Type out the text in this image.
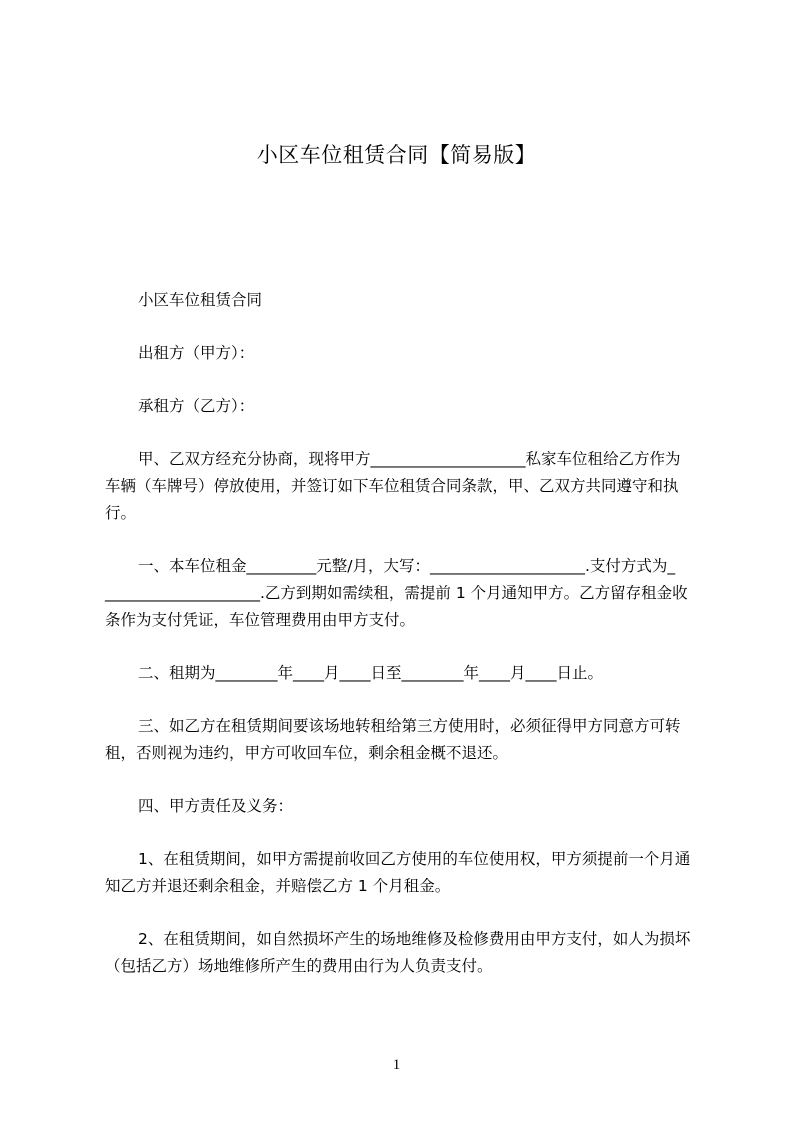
小区车位租赁合同【简易版】
小区车位租赁合同
出租方（甲方）：
承租方（乙方）：
甲、乙双方经充分协商，现将甲方____________________私家车位租给乙方作为
车辆（车牌号）停放使用，并签订如下车位租赁合同条款，甲、乙双方共同遵守和执
行。
一、本车位租金_________元整/月，大写：____________________.支付方式为_
____________________.乙方到期如需续租，需提前 1 个月通知甲方。乙方留存租金收
条作为支付凭证，车位管理费用由甲方支付。
二、租期为________年____月____日至________年____月____日止。
三、如乙方在租赁期间要该场地转租给第三方使用时，必须征得甲方同意方可转
租，否则视为违约，甲方可收回车位，剩余租金概不退还。
四、甲方责任及义务：
1、在租赁期间，如甲方需提前收回乙方使用的车位使用权，甲方须提前一个月通
知乙方并退还剩余租金，并赔偿乙方 1 个月租金。
2、在租赁期间，如自然损坏产生的场地维修及检修费用由甲方支付，如人为损坏
（包括乙方）场地维修所产生的费用由行为人负责支付。
1
